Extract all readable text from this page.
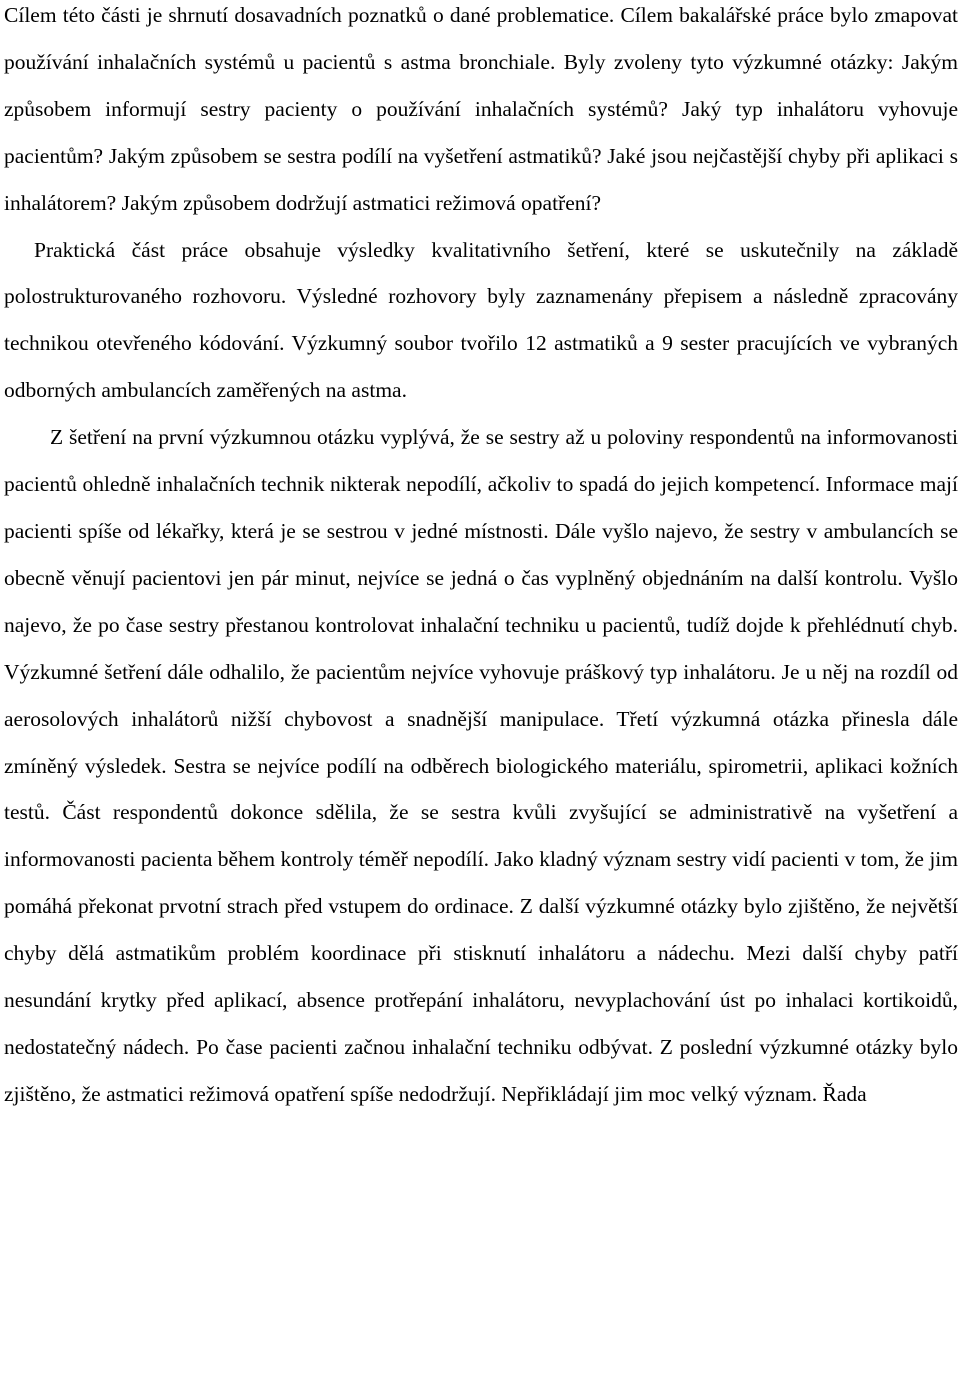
Cílem této části je shrnutí dosavadních poznatků o dané problematice. Cílem bakalářské práce bylo zmapovat používání inhalačních systémů u pacientů s astma bronchiale. Byly zvoleny tyto výzkumné otázky: Jakým způsobem informují sestry pacienty o používání inhalačních systémů? Jaký typ inhalátoru vyhovuje pacientům? Jakým způsobem se sestra podílí na vyšetření astmatiků? Jaké jsou nejčastější chyby při aplikaci s inhalátorem? Jakým způsobem dodržují astmatici režimová opatření?

Praktická část práce obsahuje výsledky kvalitativního šetření, které se uskutečnily na základě polostrukturovaného rozhovoru. Výsledné rozhovory byly zaznamenány přepisem a následně zpracovány technikou otevřeného kódování. Výzkumný soubor tvořilo 12 astmatiků a 9 sester pracujících ve vybraných odborných ambulancích zaměřených na astma.

Z šetření na první výzkumnou otázku vyplývá, že se sestry až u poloviny respondentů na informovanosti pacientů ohledně inhalačních technik nikterak nepodílí, ačkoliv to spadá do jejich kompetencí. Informace mají pacienti spíše od lékařky, která je se sestrou v jedné místnosti. Dále vyšlo najevo, že sestry v ambulancích se obecně věnují pacientovi jen pár minut, nejvíce se jedná o čas vyplněný objednáním na další kontrolu. Vyšlo najevo, že po čase sestry přestanou kontrolovat inhalační techniku u pacientů, tudíž dojde k přehlédnutí chyb. Výzkumné šetření dále odhalilo, že pacientům nejvíce vyhovuje práškový typ inhalátoru. Je u něj na rozdíl od aerosolových inhalátorů nižší chybovost a snadnější manipulace. Třetí výzkumná otázka přinesla dále zmíněný výsledek. Sestra se nejvíce podílí na odběrech biologického materiálu, spirometrii, aplikaci kožních testů. Část respondentů dokonce sdělila, že se sestra kvůli zvyšující se administrativě na vyšetření a informovanosti pacienta během kontroly téměř nepodílí. Jako kladný význam sestry vidí pacienti v tom, že jim pomáhá překonat prvotní strach před vstupem do ordinace. Z další výzkumné otázky bylo zjištěno, že největší chyby dělá astmatikům problém koordinace při stisknutí inhalátoru a nádechu. Mezi další chyby patří nesundání krytky před aplikací, absence protřepání inhalátoru, nevyplachování úst po inhalaci kortikoidů, nedostatečný nádech. Po čase pacienti začnou inhalační techniku odbývat. Z poslední výzkumné otázky bylo zjištěno, že astmatici režimová opatření spíše nedodržují. Nepřikládají jim moc velký význam. Řada
